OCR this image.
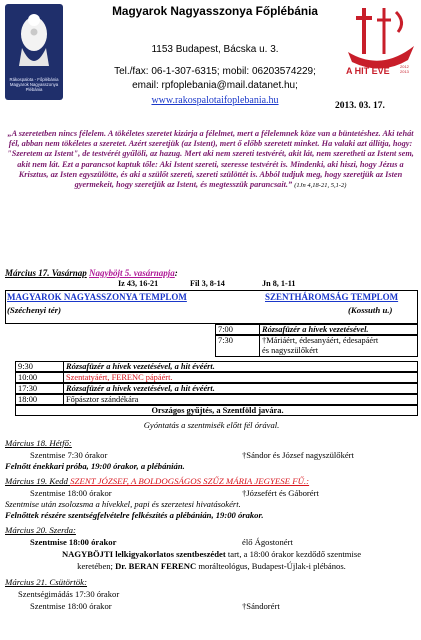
Rákospalota - Főplébánia Magyarok Nagyasszonya Plébánia
A HIT ÉVE	2012 2013
Magyarok Nagyasszonya Főplébánia
1153 Budapest, Bácska u. 3.
Tel./fax: 06-1-307-6315; mobil: 06203574229;
email: rpfoplebania@mail.datanet.hu;
www.rakospalotaifoplebania.hu	2013. 03. 17.
„A szeretetben nincs félelem. A tökéletes szeretet kizárja a félelmet, mert a félelemnek köze van a büntetéshez. Aki tehát fél, abban nem tökéletes a szeretet. Azért szeretjük (az Istent), mert ő előbb szeretett minket. Ha valaki azt állítja, hogy: "Szeretem az Istent", de testvérét gyűlöli, az hazug. Mert aki nem szereti testvérét, akit lát, nem szeretheti az Istent sem, akit nem lát. Ezt a parancsot kaptuk tőle: Aki Istent szereti, szeresse testvérét is. Mindenki, aki hiszi, hogy Jézus a Krisztus, az Isten egyszülötte, és aki a szülőt szereti, szereti szülöttét is. Abból tudjuk meg, hogy szeretjük az Isten gyermekeit, hogy szeretjük az Istent, és megtesszük parancsait.” (1Jn 4,18-21, 5,1-2)
Március 17. Vasárnap Nagyböjt 5. vasárnapja:
Iz 43, 16-21	Fil 3, 8-14	Jn 8, 1-11
MAGYAROK NAGYASSZONYA TEMPLOM
(Széchenyi tér)
SZENTHÁROMSÁG TEMPLOM
(Kossuth u.)
7:00	Rózsafüzér a hívek vezetésével.
7:30	†Máriáért, édesanyáért, édesapáért
és nagyszülőkért
9:30	Rózsafüzér a hívek vezetésével, a hit évéért.
10:00	Szentatyáért, FERENC pápáért.
17:30	Rózsafüzér a hívek vezetésével, a hit évéért.
18:00	Főpásztor szándékára
Országos gyűjtés, a Szentföld javára.
Gyóntatás a szentmisék előtt fél órával.
Március 18. Hétfő:
Szentmise 7:30 órakor	†Sándor és József nagyszülőkért
Felnőtt énekkari próba, 19:00 órakor, a plébánián.
Március 19. Kedd SZENT JÓZSEF, A BOLDOGSÁGOS SZŰZ MÁRIA JEGYESE FŰ.:
Szentmise 18:00 órakor	†Józsefért és Gáborért
Szentmise után zsolozsma a hívekkel, papi és szerzetesi hivatásokért.
Felnőttek részére szentségfelvételre felkészítés a plébánián, 19:00 órakor.
Március 20. Szerda:
Szentmise 18:00 órakor	élő Ágostonért
NAGYBÖJTI lelkigyakorlatos szentbeszédet tart, a 18:00 órakor kezdődő szentmise
keretében; Dr. BERAN FERENC morálteológus, Budapest-Újlak-i plébános.
Március 21. Csütörtök:
Szentségimádás 17:30 órakor
Szentmise 18:00 órakor	†Sándorért
